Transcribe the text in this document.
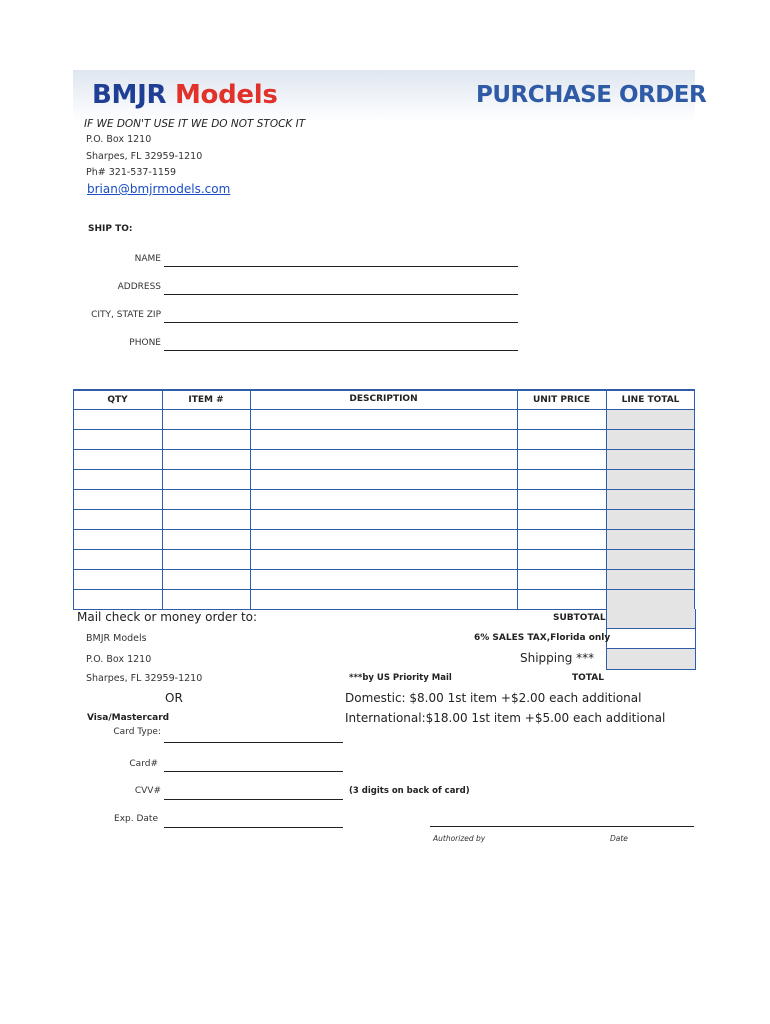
BMJR Models	PURCHASE ORDER
IF WE DON'T USE IT WE DO NOT STOCK IT
P.O. Box 1210
Sharpes, FL 32959-1210
Ph# 321-537-1159
brian@bmjrmodels.com
SHIP TO:
NAME
ADDRESS
CITY, STATE ZIP
PHONE
QTY	ITEM #	DESCRIPTION	UNIT PRICE	LINE TOTAL
SUBTOTAL
6% SALES TAX,Florida only
Shipping ***
TOTAL
Mail check or money order to:
BMJR Models
P.O. Box 1210
Sharpes, FL 32959-1210	***by US Priority Mail
Domestic: $8.00 1st item +$2.00 each additional
International:$18.00 1st item +$5.00 each additional
OR
Visa/Mastercard
Card Type:
Card#
CVV#	(3 digits on back of card)
Exp. Date
Authorized by	Date
